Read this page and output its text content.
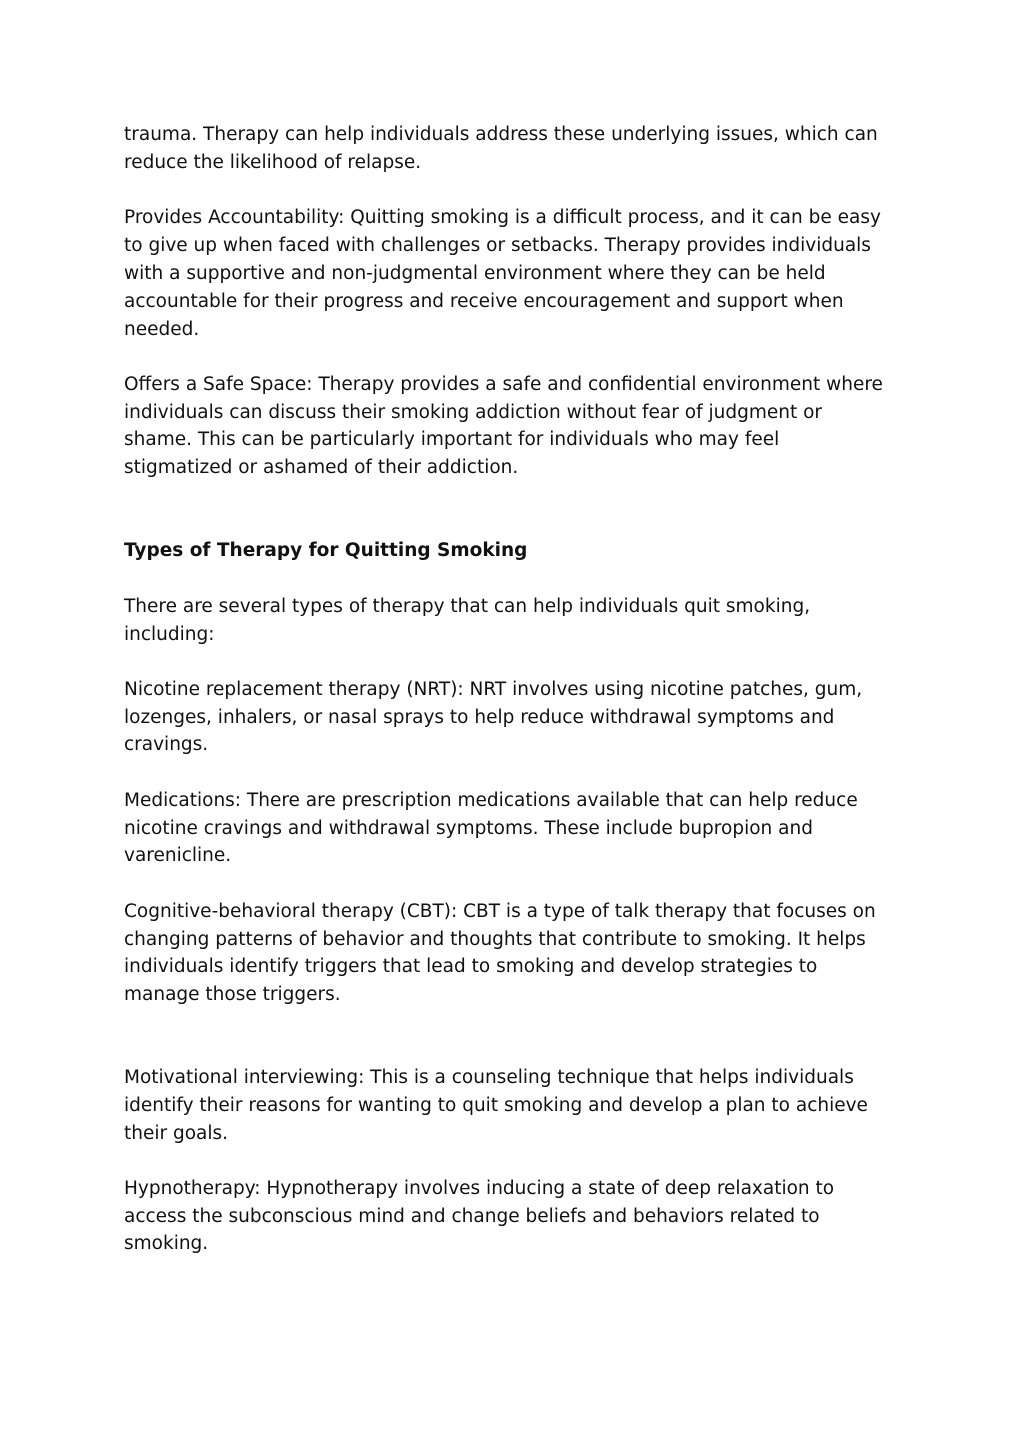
trauma. Therapy can help individuals address these underlying issues, which can
reduce the likelihood of relapse.
Provides Accountability: Quitting smoking is a difficult process, and it can be easy
to give up when faced with challenges or setbacks. Therapy provides individuals
with a supportive and non-judgmental environment where they can be held
accountable for their progress and receive encouragement and support when
needed.
Offers a Safe Space: Therapy provides a safe and confidential environment where
individuals can discuss their smoking addiction without fear of judgment or
shame. This can be particularly important for individuals who may feel
stigmatized or ashamed of their addiction.
Types of Therapy for Quitting Smoking
There are several types of therapy that can help individuals quit smoking,
including:
Nicotine replacement therapy (NRT): NRT involves using nicotine patches, gum,
lozenges, inhalers, or nasal sprays to help reduce withdrawal symptoms and
cravings.
Medications: There are prescription medications available that can help reduce
nicotine cravings and withdrawal symptoms. These include bupropion and
varenicline.
Cognitive-behavioral therapy (CBT): CBT is a type of talk therapy that focuses on
changing patterns of behavior and thoughts that contribute to smoking. It helps
individuals identify triggers that lead to smoking and develop strategies to
manage those triggers.
Motivational interviewing: This is a counseling technique that helps individuals
identify their reasons for wanting to quit smoking and develop a plan to achieve
their goals.
Hypnotherapy: Hypnotherapy involves inducing a state of deep relaxation to
access the subconscious mind and change beliefs and behaviors related to
smoking.
